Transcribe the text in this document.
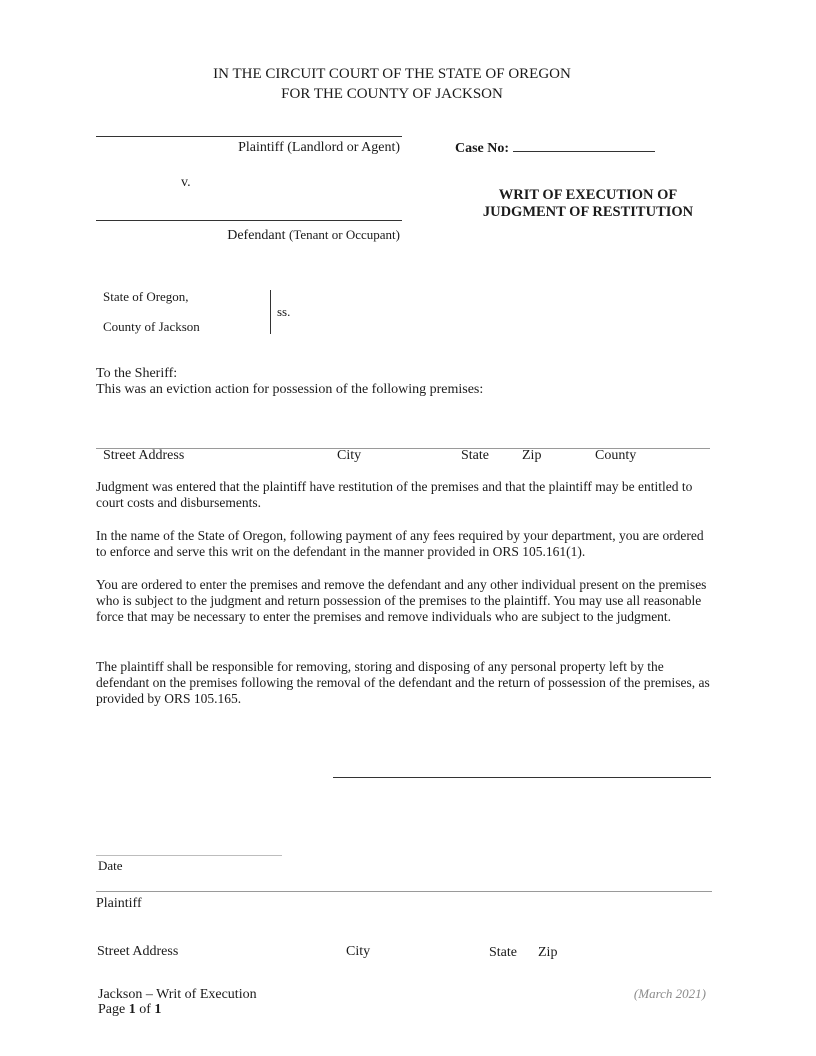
IN THE CIRCUIT COURT OF THE STATE OF OREGON
FOR THE COUNTY OF JACKSON
Plaintiff (Landlord or Agent)
v.
Defendant (Tenant or Occupant)
Case No:
WRIT OF EXECUTION OF
JUDGMENT OF RESTITUTION
State of Oregon,
County of Jackson
ss.
To the Sheriff:
This was an eviction action for possession of the following premises:
Street Address	City	State Zip	County
Judgment was entered that the plaintiff have restitution of the premises and that the plaintiff may be entitled to court costs and disbursements.
In the name of the State of Oregon, following payment of any fees required by your department, you are ordered to enforce and serve this writ on the defendant in the manner provided in ORS 105.161(1).
You are ordered to enter the premises and remove the defendant and any other individual present on the premises who is subject to the judgment and return possession of the premises to the plaintiff. You may use all reasonable force that may be necessary to enter the premises and remove individuals who are subject to the judgment.
The plaintiff shall be responsible for removing, storing and disposing of any personal property left by the defendant on the premises following the removal of the defendant and the return of possession of the premises, as provided by ORS 105.165.
Date
Plaintiff
Street Address	City	State Zip
Jackson – Writ of Execution
Page 1 of 1
(March 2021)
